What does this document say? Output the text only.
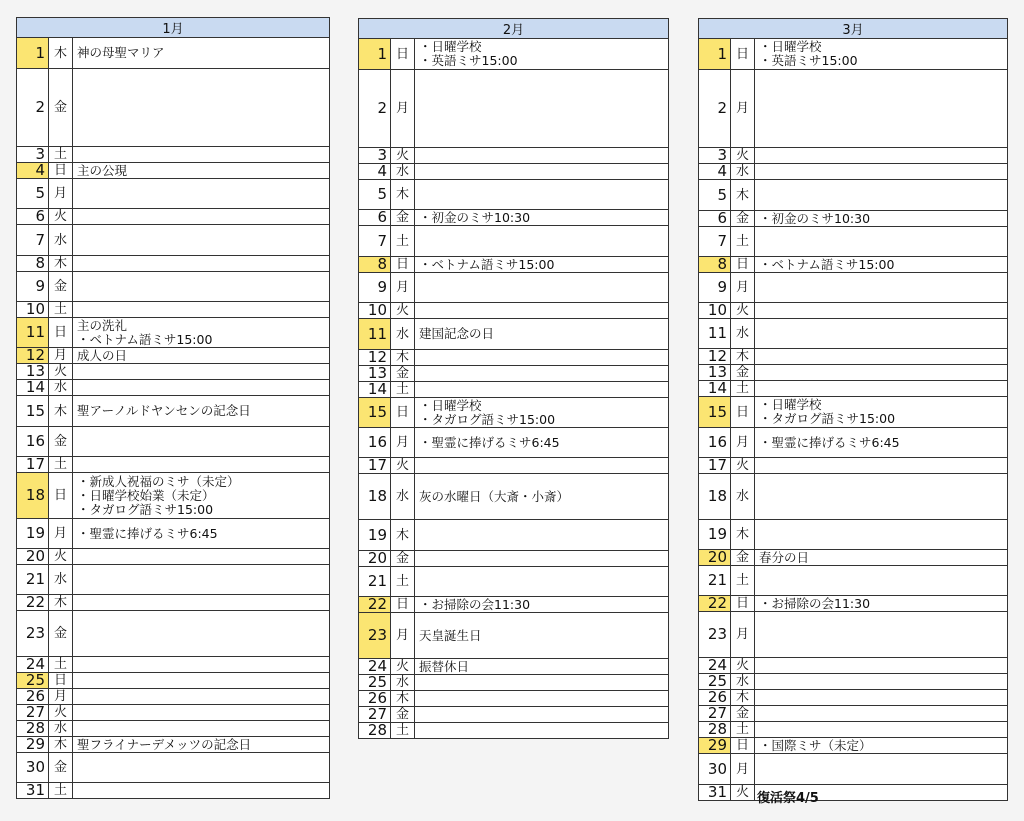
1月		
1	木	神の母聖マリア

2	金	
3	土	
4	日	主の公現

5	月	
6	火	
7	水	
8	木	
9	金	
10	土	
11	日	主の洗礼
・ベトナム語ミサ15:00

12	月	成人の日

13	火	
14	水	
15	木	聖アーノルドヤンセンの記念日

16	金	
17	土	
18	日	・新成人祝福のミサ（未定）
・日曜学校始業（未定）
・タガログ語ミサ15:00

19	月	・聖霊に捧げるミサ6:45

20	火	
21	水	
22	木	
23	金	
24	土	
25	日	
26	月	
27	火	
28	水	
29	木	聖フライナーデメッツの記念日

30	金	
31	土	
2月		
1	日	・日曜学校
・英語ミサ15:00

2	月	
3	火	
4	水	
5	木	
6	金	・初金のミサ10:30

7	土	
8	日	・ベトナム語ミサ15:00

9	月	
10	火	
11	水	建国記念の日

12	木	
13	金	
14	土	
15	日	・日曜学校
・タガログ語ミサ15:00

16	月	・聖霊に捧げるミサ6:45

17	火	
18	水	灰の水曜日（大斎・小斎）

19	木	
20	金	
21	土	
22	日	・お掃除の会11:30

23	月	天皇誕生日

24	火	振替休日

25	水	
26	木	
27	金	
28	土	
3月		
1	日	・日曜学校
・英語ミサ15:00

2	月	
3	火	
4	水	
5	木	
6	金	・初金のミサ10:30

7	土	
8	日	・ベトナム語ミサ15:00

9	月	
10	火	
11	水	
12	木	
13	金	
14	土	
15	日	・日曜学校
・タガログ語ミサ15:00

16	月	・聖霊に捧げるミサ6:45

17	火	
18	水	
19	木	
20	金	春分の日

21	土	
22	日	・お掃除の会11:30

23	月	
24	火	
25	水	
26	木	
27	金	
28	土	
29	日	・国際ミサ（未定）

30	月	
31	火	復活祭4/5
